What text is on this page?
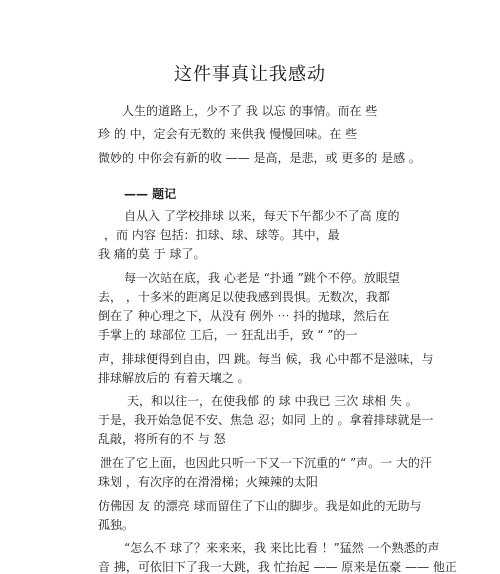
这件事真让我感动
人生的道路上，少不了 我 以忘 的事情。而在 些
珍 的 中，定会有无数的 来供我 慢慢回味。在 些
微妙的 中你会有新的收 —— 是高，是悲，或 更多的 是感 。
—— 题记
自从入 了学校排球 以来，每天下午都少不了高 度的
，而 内容 包括：扣球、球、球等。其中，最
我 痛的莫 于 球了。
每一次站在底，我 心老是 “扑通 ”跳个不停。放眼望
去， ，十多米的距离足以使我感到畏惧。无数次，我都
倒在了 种心理之下，从没有 例外 ⋯ 抖的抛球，然后在
手掌上的 球部位 工后，一 狂乱出手，致 “ ”的一
声，排球便得到自由，四 跳。每当 候，我 心中都不是滋味，与
排球解放后的 有着天壤之 。
天，和以往一，在使我郁 的 球 中我已 三次 球相 失 。
于是，我开始急促不安、焦急 忍；如同 上的 。拿着排球就是一
乱敲，将所有的不 与 怒
泄在了它上面，也因此只听一下又一下沉重的“ ”声。一 大的汗
珠划 ，有次序的在滑滑梯；火辣辣的太阳
仿佛因 友 的漂亮 球而留住了下山的脚步。我是如此的无助与
孤独。
“怎么不 球了？来来来，我 来比比看 ！”猛然 一个熟悉的声
音 拂，可依旧下了我一大跳，我 忙抬起 —— 原来是伍豪 —— 他正
